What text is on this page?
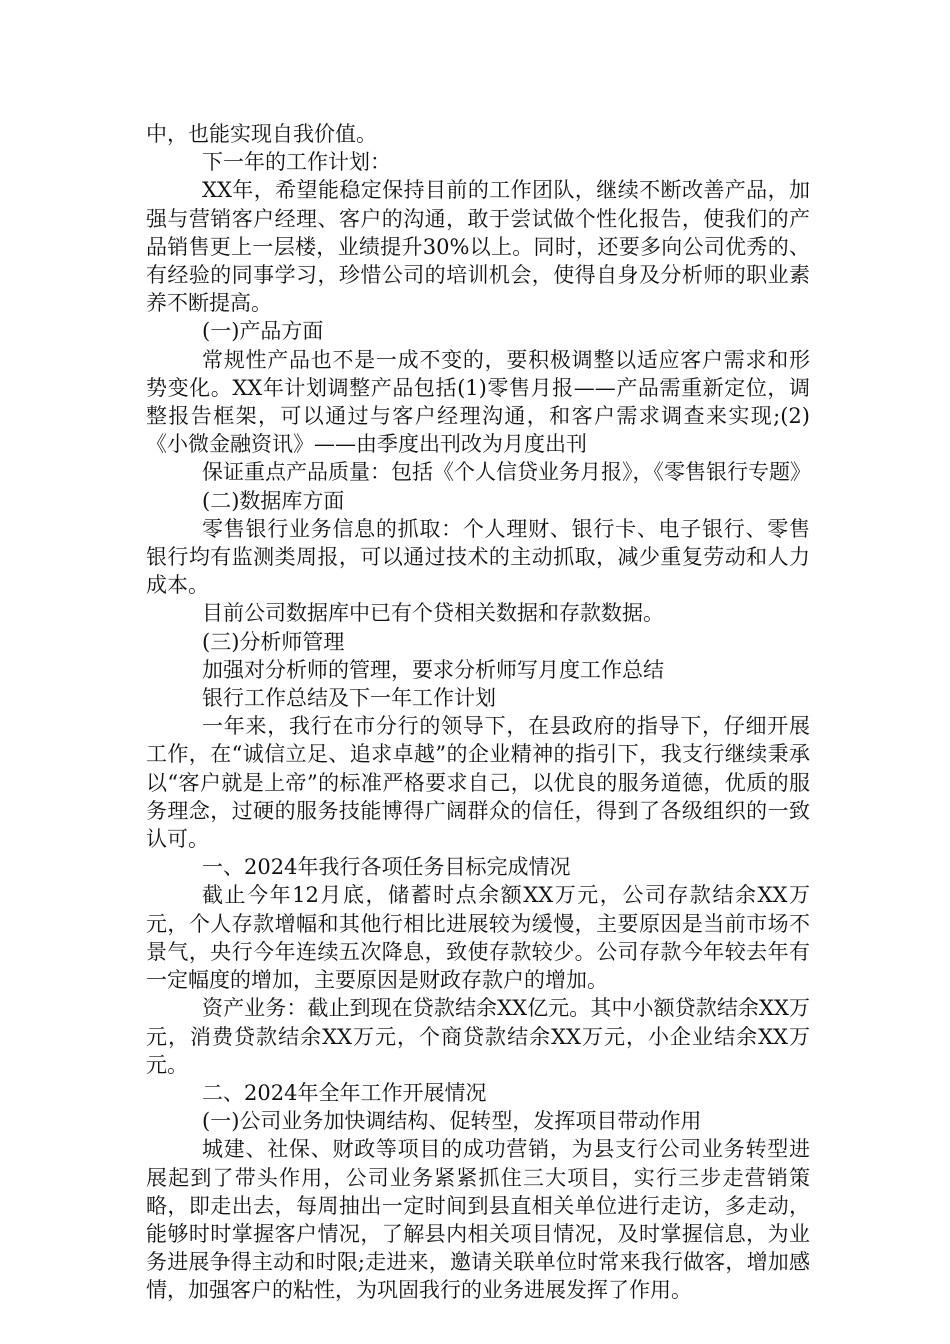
中，也能实现自我价值。

下一年的工作计划：

XX年，希望能稳定保持目前的工作团队，继续不断改善产品，加强与营销客户经理、客户的沟通，敢于尝试做个性化报告，使我们的产品销售更上一层楼，业绩提升30%以上。同时，还要多向公司优秀的、有经验的同事学习，珍惜公司的培训机会，使得自身及分析师的职业素养不断提高。

(一)产品方面

常规性产品也不是一成不变的，要积极调整以适应客户需求和形势变化。XX年计划调整产品包括(1)零售月报——产品需重新定位，调整报告框架，可以通过与客户经理沟通，和客户需求调查来实现;(2)《小微金融资讯》——由季度出刊改为月度出刊

保证重点产品质量：包括《个人信贷业务月报》，《零售银行专题》

(二)数据库方面

零售银行业务信息的抓取：个人理财、银行卡、电子银行、零售银行均有监测类周报，可以通过技术的主动抓取，减少重复劳动和人力成本。

目前公司数据库中已有个贷相关数据和存款数据。

(三)分析师管理

加强对分析师的管理，要求分析师写月度工作总结

银行工作总结及下一年工作计划

一年来，我行在市分行的领导下，在县政府的指导下，仔细开展工作，在“诚信立足、追求卓越”的企业精神的指引下，我支行继续秉承以“客户就是上帝”的标准严格要求自己，以优良的服务道德，优质的服务理念，过硬的服务技能博得广阔群众的信任，得到了各级组织的一致认可。

一、2024年我行各项任务目标完成情况

截止今年12月底，储蓄时点余额XX万元，公司存款结余XX万元，个人存款增幅和其他行相比进展较为缓慢，主要原因是当前市场不景气，央行今年连续五次降息，致使存款较少。公司存款今年较去年有一定幅度的增加，主要原因是财政存款户的增加。

资产业务：截止到现在贷款结余XX亿元。其中小额贷款结余XX万元，消费贷款结余XX万元，个商贷款结余XX万元，小企业结余XX万元。

二、2024年全年工作开展情况

(一)公司业务加快调结构、促转型，发挥项目带动作用

城建、社保、财政等项目的成功营销，为县支行公司业务转型进展起到了带头作用，公司业务紧紧抓住三大项目，实行三步走营销策略，即走出去，每周抽出一定时间到县直相关单位进行走访，多走动，能够时时掌握客户情况，了解县内相关项目情况，及时掌握信息，为业务进展争得主动和时限;走进来，邀请关联单位时常来我行做客，增加感情，加强客户的粘性，为巩固我行的业务进展发挥了作用。
